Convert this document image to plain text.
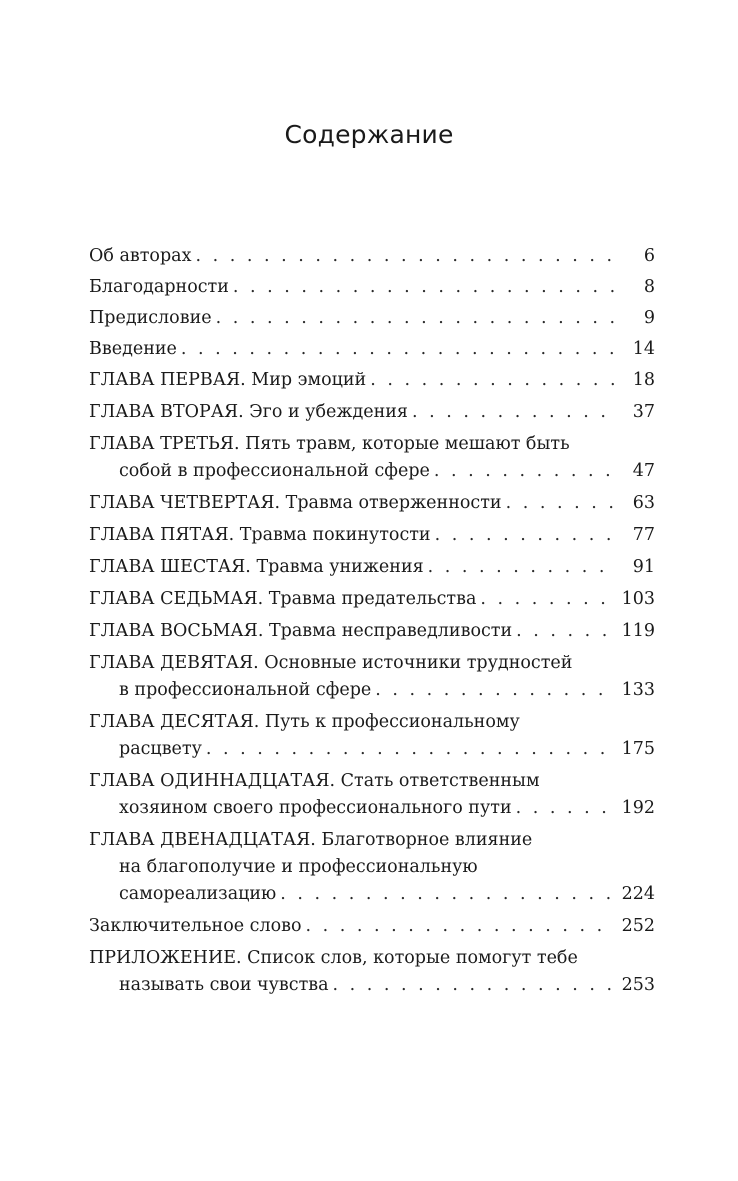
Содержание
Об авторах . . .	6
Благодарности . . .	8
Предисловие . . .	9
Введение . . .	14
ГЛАВА ПЕРВАЯ. Мир эмоций . . .	18
ГЛАВА ВТОРАЯ. Эго и убеждения . . .	37
ГЛАВА ТРЕТЬЯ. Пять травм, которые мешают быть
собой в профессиональной сфере . . .	47
ГЛАВА ЧЕТВЕРТАЯ. Травма отверженности . . .	63
ГЛАВА ПЯТАЯ. Травма покинутости . . .	77
ГЛАВА ШЕСТАЯ. Травма унижения . . .	91
ГЛАВА СЕДЬМАЯ. Травма предательства . . .	103
ГЛАВА ВОСЬМАЯ. Травма несправедливости . . .	119
ГЛАВА ДЕВЯТАЯ. Основные источники трудностей
в профессиональной сфере . . .	133
ГЛАВА ДЕСЯТАЯ. Путь к профессиональному
расцвету . . .	175
ГЛАВА ОДИННАДЦАТАЯ. Стать ответственным
хозяином своего профессионального пути . . .	192
ГЛАВА ДВЕНАДЦАТАЯ. Благотворное влияние
на благополучие и профессиональную
самореализацию . . .	224
Заключительное слово . . .	252
ПРИЛОЖЕНИЕ. Список слов, которые помогут тебе
называть свои чувства . . .	253
